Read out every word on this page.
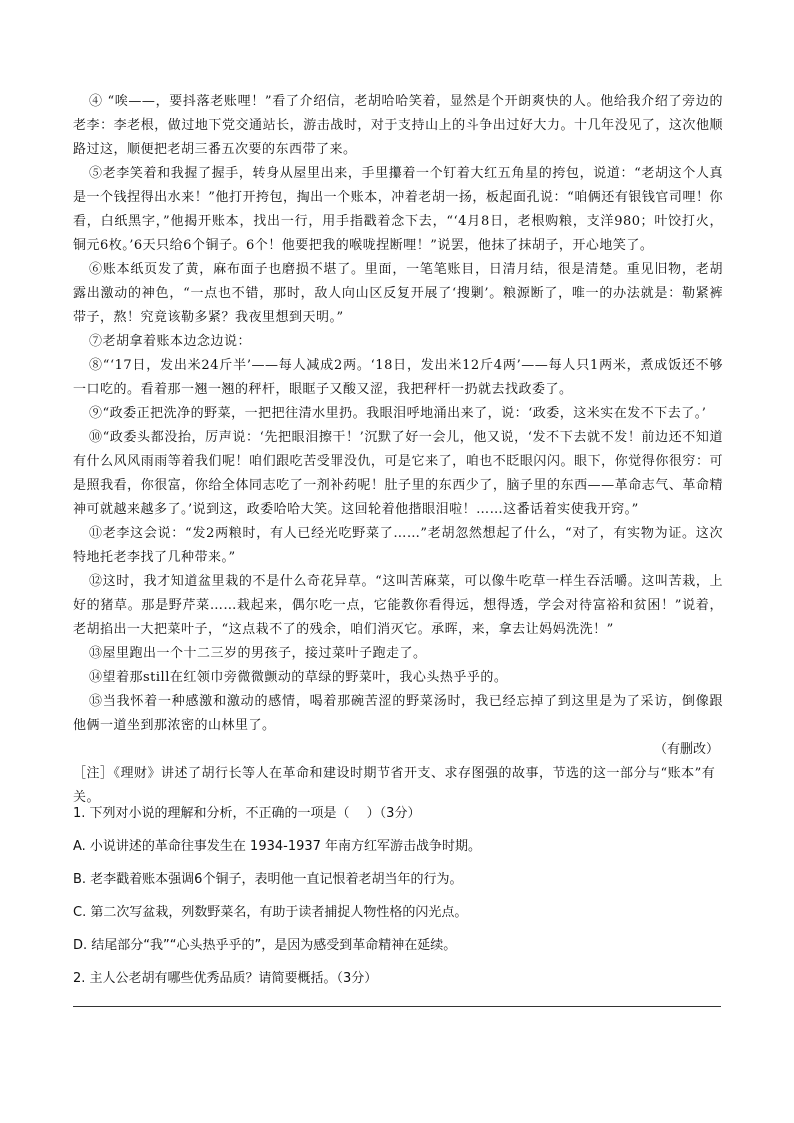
④ “唉——，要抖落老账哩！”看了介绍信，老胡哈哈笑着，显然是个开朗爽快的人。他给我介绍了旁边的老李：李老根，做过地下党交通站长，游击战时，对于支持山上的斗争出过好大力。十几年没见了，这次他顺路过这，顺便把老胡三番五次要的东西带了来。

⑤老李笑着和我握了握手，转身从屋里出来，手里攥着一个钉着大红五角星的挎包，说道：“老胡这个人真是一个钱捏得出水来！”他打开挎包，掏出一个账本，冲着老胡一扬，板起面孔说：“咱俩还有银钱官司哩！你看，白纸黑字，”他揭开账本，找出一行，用手指戳着念下去，“‘4月8日，老根购粮，支洋980；叶饺打火，铜元6枚。’6天只给6个铜子。6个！他要把我的喉咙捏断哩！”说罢，他抹了抹胡子，开心地笑了。

⑥账本纸页发了黄，麻布面子也磨损不堪了。里面，一笔笔账目，日清月结，很是清楚。重见旧物，老胡露出激动的神色，“一点也不错，那时，敌人向山区反复开展了‘搜剿’。粮源断了，唯一的办法就是：勒紧裤带子，熬！究竟该勒多紧？我夜里想到天明。”

⑦老胡拿着账本边念边说：

⑧“‘17日，发出米24斤半’——每人减成2两。‘18日，发出米12斤4两’——每人只1两米，煮成饭还不够一口吃的。看着那一翘一翘的秤杆，眼眶子又酸又涩，我把秤杆一扔就去找政委了。

⑨“政委正把洗净的野菜，一把把往清水里扔。我眼泪呼地涌出来了，说：‘政委，这米实在发不下去了。’

⑩“政委头都没抬，厉声说：‘先把眼泪擦干！’沉默了好一会儿，他又说，‘发不下去就不发！前边还不知道有什么风风雨雨等着我们呢！咱们跟吃苦受罪没仇，可是它来了，咱也不眨眼闪闪。眼下，你觉得你很穷：可是照我看，你很富，你给全体同志吃了一剂补药呢！肚子里的东西少了，脑子里的东西——革命志气、革命精神可就越来越多了。’说到这，政委哈哈大笑。这回轮着他揩眼泪啦！……这番话着实使我开窍。”

⑪老李这会说：“发2两粮时，有人已经光吃野菜了……”老胡忽然想起了什么，“对了，有实物为证。这次特地托老李找了几种带来。”

⑫这时，我才知道盆里栽的不是什么奇花异草。“这叫苦麻菜，可以像牛吃草一样生吞活嚼。这叫苦栽，上好的猪草。那是野芹菜……栽起来，偶尔吃一点，它能教你看得远，想得透，学会对待富裕和贫困！”说着，老胡掐出一大把菜叶子，“这点栽不了的残余，咱们消灭它。承晖，来，拿去让妈妈洗洗！”

⑬屋里跑出一个十二三岁的男孩子，接过菜叶子跑走了。

⑭望着那still在红领巾旁微微颤动的草绿的野菜叶，我心头热乎乎的。

⑮当我怀着一种感激和激动的感情，喝着那碗苦涩的野菜汤时，我已经忘掉了到这里是为了采访，倒像跟他俩一道坐到那浓密的山林里了。

（有删改）

［注］《理财》讲述了胡行长等人在革命和建设时期节省开支、求存图强的故事，节选的这一部分与“账本”有关。

1. 下列对小说的理解和分析，不正确的一项是（　 ）（3分）

A. 小说讲述的革命往事发生在 1934-1937 年南方红军游击战争时期。

B. 老李戳着账本强调6个铜子，表明他一直记恨着老胡当年的行为。

C. 第二次写盆栽，列数野菜名，有助于读者捕捉人物性格的闪光点。

D. 结尾部分“我”“心头热乎乎的”，是因为感受到革命精神在延续。

2. 主人公老胡有哪些优秀品质？请简要概括。（3分）
